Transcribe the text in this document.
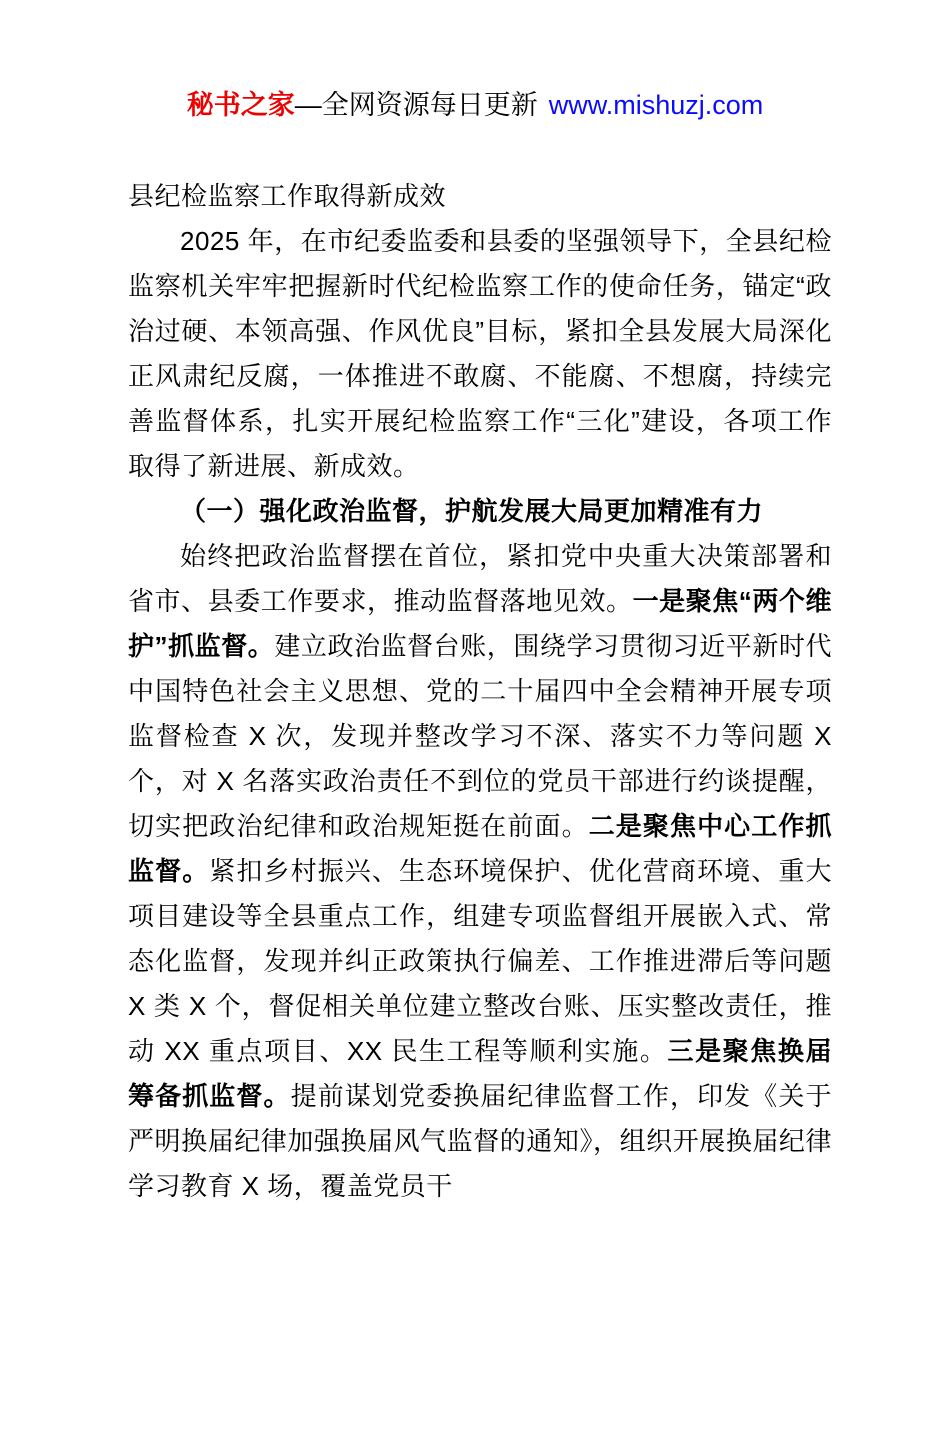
秘书之家—全网资源每日更新 www.mishuzj.com

县纪检监察工作取得新成效

2025 年，在市纪委监委和县委的坚强领导下，全县纪检监察机关牢牢把握新时代纪检监察工作的使命任务，锚定“政治过硬、本领高强、作风优良”目标，紧扣全县发展大局深化正风肃纪反腐，一体推进不敢腐、不能腐、不想腐，持续完善监督体系，扎实开展纪检监察工作“三化”建设，各项工作取得了新进展、新成效。

（一）强化政治监督，护航发展大局更加精准有力

始终把政治监督摆在首位，紧扣党中央重大决策部署和省市、县委工作要求，推动监督落地见效。一是聚焦“两个维护”抓监督。建立政治监督台账，围绕学习贯彻习近平新时代中国特色社会主义思想、党的二十届四中全会精神开展专项监督检查 X 次，发现并整改学习不深、落实不力等问题 X 个，对 X 名落实政治责任不到位的党员干部进行约谈提醒，切实把政治纪律和政治规矩挺在前面。二是聚焦中心工作抓监督。紧扣乡村振兴、生态环境保护、优化营商环境、重大项目建设等全县重点工作，组建专项监督组开展嵌入式、常态化监督，发现并纠正政策执行偏差、工作推进滞后等问题 X 类 X 个，督促相关单位建立整改台账、压实整改责任，推动 XX 重点项目、XX 民生工程等顺利实施。三是聚焦换届筹备抓监督。提前谋划党委换届纪律监督工作，印发《关于严明换届纪律加强换届风气监督的通知》，组织开展换届纪律学习教育 X 场，覆盖党员干
